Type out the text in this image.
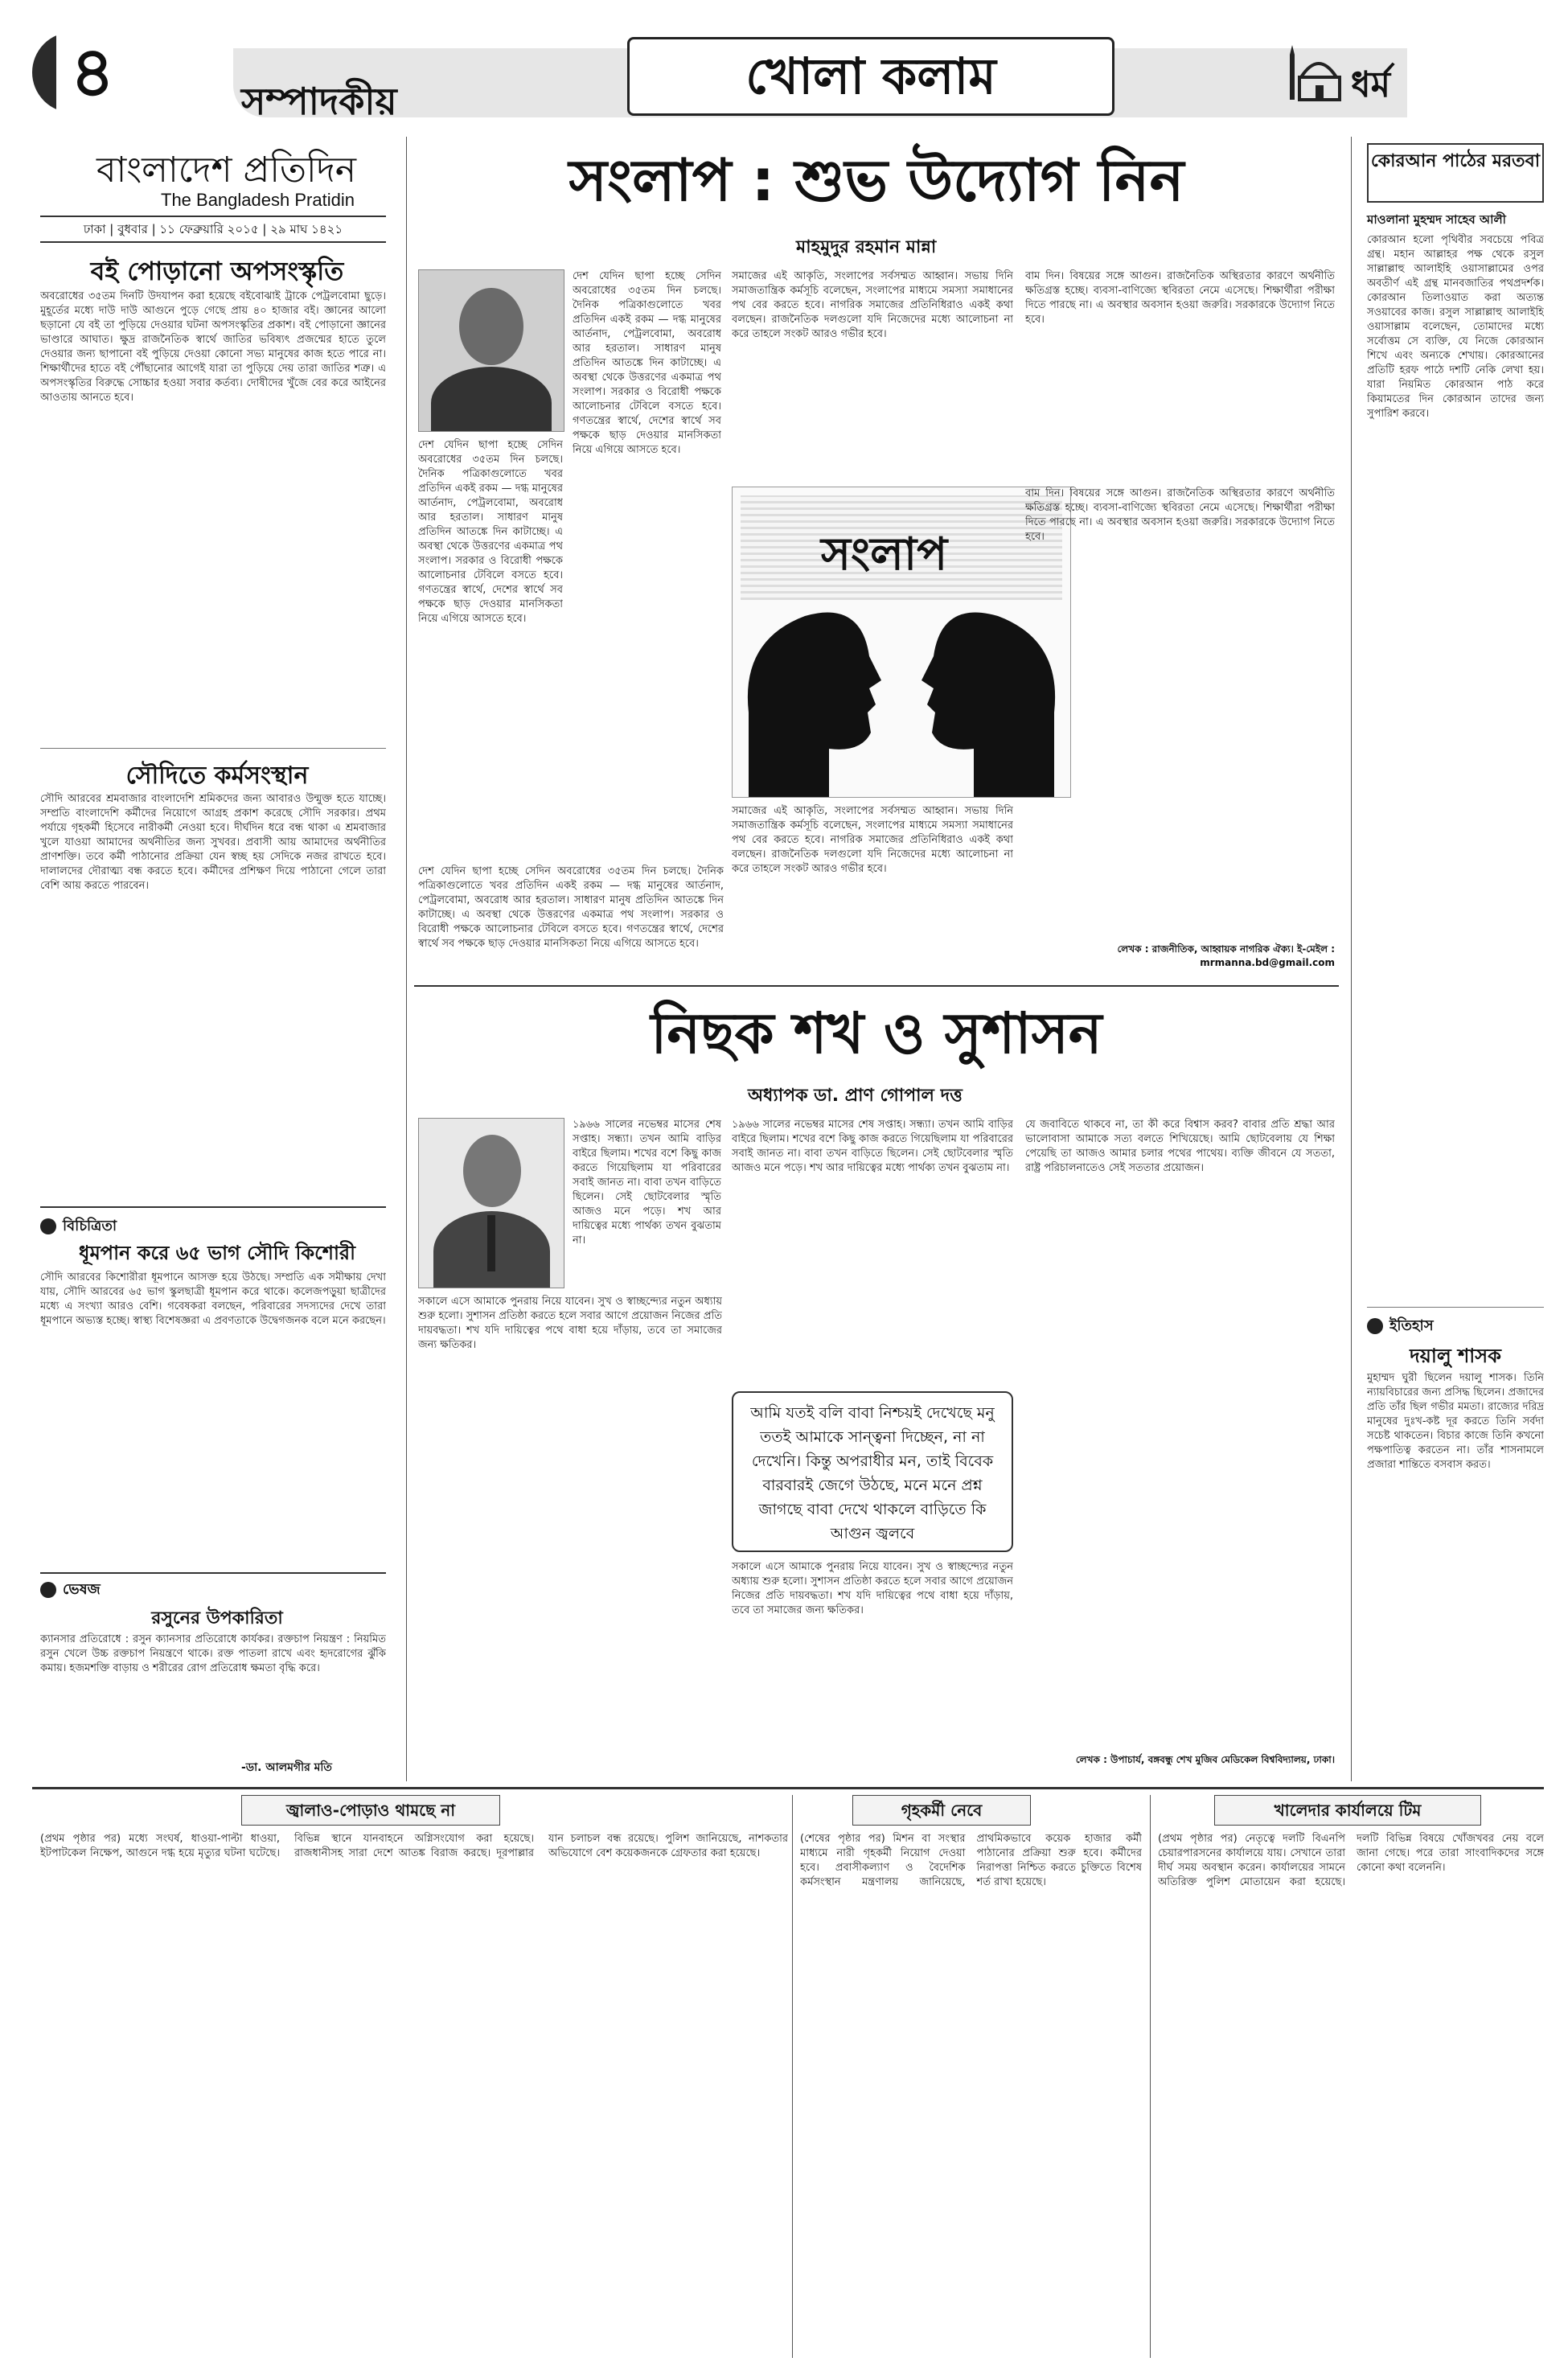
৪	সম্পাদকীয়	খোলা কলাম	ধর্ম
বাংলাদেশ প্রতিদিন
The Bangladesh Pratidin
ঢাকা | বুধবার | ১১ ফেব্রুয়ারি ২০১৫ | ২৯ মাঘ ১৪২১
বই পোড়ানো অপসংস্কৃতি
অবরোধের ৩৫তম দিনটি উদযাপন করা হয়েছে বইবোঝাই ট্রাকে পেট্রলবোমা ছুড়ে। মুহূর্তের মধ্যে দাউ দাউ আগুনে পুড়ে গেছে প্রায় ৪০ হাজার বই। জ্ঞানের আলো ছড়ানো যে বই তা পুড়িয়ে দেওয়ার ঘটনা অপসংস্কৃতির প্রকাশ। বই পোড়ানো জ্ঞানের ভাণ্ডারে আঘাত। ক্ষুদ্র রাজনৈতিক স্বার্থে জাতির ভবিষ্যৎ প্রজন্মের হাতে তুলে দেওয়ার জন্য ছাপানো বই পুড়িয়ে দেওয়া কোনো সভ্য মানুষের কাজ হতে পারে না। শিক্ষার্থীদের হাতে বই পৌঁছানোর আগেই যারা তা পুড়িয়ে দেয় তারা জাতির শত্রু। এ অপসংস্কৃতির বিরুদ্ধে সোচ্চার হওয়া সবার কর্তব্য। দোষীদের খুঁজে বের করে আইনের আওতায় আনতে হবে।
সৌদিতে কর্মসংস্থান
সৌদি আরবের শ্রমবাজার বাংলাদেশি শ্রমিকদের জন্য আবারও উন্মুক্ত হতে যাচ্ছে। সম্প্রতি বাংলাদেশি কর্মীদের নিয়োগে আগ্রহ প্রকাশ করেছে সৌদি সরকার। প্রথম পর্যায়ে গৃহকর্মী হিসেবে নারীকর্মী নেওয়া হবে। দীর্ঘদিন ধরে বন্ধ থাকা এ শ্রমবাজার খুলে যাওয়া আমাদের অর্থনীতির জন্য সুখবর। প্রবাসী আয় আমাদের অর্থনীতির প্রাণশক্তি। তবে কর্মী পাঠানোর প্রক্রিয়া যেন স্বচ্ছ হয় সেদিকে নজর রাখতে হবে। দালালদের দৌরাত্ম্য বন্ধ করতে হবে। কর্মীদের প্রশিক্ষণ দিয়ে পাঠানো গেলে তারা বেশি আয় করতে পারবেন।
বিচিত্রিতা
ধূমপান করে ৬৫ ভাগ সৌদি কিশোরী
সৌদি আরবের কিশোরীরা ধূমপানে আসক্ত হয়ে উঠছে। সম্প্রতি এক সমীক্ষায় দেখা যায়, সৌদি আরবের ৬৫ ভাগ স্কুলছাত্রী ধূমপান করে থাকে। কলেজপড়ুয়া ছাত্রীদের মধ্যে এ সংখ্যা আরও বেশি। গবেষকরা বলছেন, পরিবারের সদস্যদের দেখে তারা ধূমপানে অভ্যস্ত হচ্ছে। স্বাস্থ্য বিশেষজ্ঞরা এ প্রবণতাকে উদ্বেগজনক বলে মনে করছেন।
ভেষজ
রসুনের উপকারিতা
ক্যানসার প্রতিরোধে : রসুন ক্যানসার প্রতিরোধে কার্যকর। রক্তচাপ নিয়ন্ত্রণ : নিয়মিত রসুন খেলে উচ্চ রক্তচাপ নিয়ন্ত্রণে থাকে। রক্ত পাতলা রাখে এবং হৃদরোগের ঝুঁকি কমায়। হজমশক্তি বাড়ায় ও শরীরের রোগ প্রতিরোধ ক্ষমতা বৃদ্ধি করে।
-ডা. আলমগীর মতি
সংলাপ : শুভ উদ্যোগ নিন
মাহমুদুর রহমান মান্না
দেশ যেদিন ছাপা হচ্ছে সেদিন অবরোধের ৩৫তম দিন চলছে। দৈনিক পত্রিকাগুলোতে খবর প্রতিদিন একই রকম — দগ্ধ মানুষের আর্তনাদ, পেট্রলবোমা, অবরোধ আর হরতাল। সাধারণ মানুষ প্রতিদিন আতঙ্কে দিন কাটাচ্ছে। এ অবস্থা থেকে উত্তরণের একমাত্র পথ সংলাপ। সরকার ও বিরোধী পক্ষকে আলোচনার টেবিলে বসতে হবে। গণতন্ত্রের স্বার্থে, দেশের স্বার্থে সব পক্ষকে ছাড় দেওয়ার মানসিকতা নিয়ে এগিয়ে আসতে হবে।
দেশ যেদিন ছাপা হচ্ছে সেদিন অবরোধের ৩৫তম দিন চলছে। দৈনিক পত্রিকাগুলোতে খবর প্রতিদিন একই রকম — দগ্ধ মানুষের আর্তনাদ, পেট্রলবোমা, অবরোধ আর হরতাল। সাধারণ মানুষ প্রতিদিন আতঙ্কে দিন কাটাচ্ছে। এ অবস্থা থেকে উত্তরণের একমাত্র পথ সংলাপ। সরকার ও বিরোধী পক্ষকে আলোচনার টেবিলে বসতে হবে। গণতন্ত্রের স্বার্থে, দেশের স্বার্থে সব পক্ষকে ছাড় দেওয়ার মানসিকতা নিয়ে এগিয়ে আসতে হবে।
সমাজের এই আকৃতি, সংলাপের সর্বসম্মত আহ্বান। সভায় দিনি সমাজতান্ত্রিক কর্মসূচি বলেছেন, সংলাপের মাধ্যমে সমস্যা সমাধানের পথ বের করতে হবে। নাগরিক সমাজের প্রতিনিধিরাও একই কথা বলছেন। রাজনৈতিক দলগুলো যদি নিজেদের মধ্যে আলোচনা না করে তাহলে সংকট আরও গভীর হবে।
বাম দিন। বিষয়ের সঙ্গে আগুন। রাজনৈতিক অস্থিরতার কারণে অর্থনীতি ক্ষতিগ্রস্ত হচ্ছে। ব্যবসা-বাণিজ্যে স্থবিরতা নেমে এসেছে। শিক্ষার্থীরা পরীক্ষা দিতে পারছে না। এ অবস্থার অবসান হওয়া জরুরি। সরকারকে উদ্যোগ নিতে হবে।
সংলাপ
সমাজের এই আকৃতি, সংলাপের সর্বসম্মত আহ্বান। সভায় দিনি সমাজতান্ত্রিক কর্মসূচি বলেছেন, সংলাপের মাধ্যমে সমস্যা সমাধানের পথ বের করতে হবে। নাগরিক সমাজের প্রতিনিধিরাও একই কথা বলছেন। রাজনৈতিক দলগুলো যদি নিজেদের মধ্যে আলোচনা না করে তাহলে সংকট আরও গভীর হবে।
বাম দিন। বিষয়ের সঙ্গে আগুন। রাজনৈতিক অস্থিরতার কারণে অর্থনীতি ক্ষতিগ্রস্ত হচ্ছে। ব্যবসা-বাণিজ্যে স্থবিরতা নেমে এসেছে। শিক্ষার্থীরা পরীক্ষা দিতে পারছে না। এ অবস্থার অবসান হওয়া জরুরি। সরকারকে উদ্যোগ নিতে হবে।
দেশ যেদিন ছাপা হচ্ছে সেদিন অবরোধের ৩৫তম দিন চলছে। দৈনিক পত্রিকাগুলোতে খবর প্রতিদিন একই রকম — দগ্ধ মানুষের আর্তনাদ, পেট্রলবোমা, অবরোধ আর হরতাল। সাধারণ মানুষ প্রতিদিন আতঙ্কে দিন কাটাচ্ছে। এ অবস্থা থেকে উত্তরণের একমাত্র পথ সংলাপ। সরকার ও বিরোধী পক্ষকে আলোচনার টেবিলে বসতে হবে। গণতন্ত্রের স্বার্থে, দেশের স্বার্থে সব পক্ষকে ছাড় দেওয়ার মানসিকতা নিয়ে এগিয়ে আসতে হবে।	লেখক : রাজনীতিক, আহ্বায়ক নাগরিক ঐক্য। ই-মেইল : mrmanna.bd@gmail.com
নিছক শখ ও সুশাসন
অধ্যাপক ডা. প্রাণ গোপাল দত্ত
১৯৬৬ সালের নভেম্বর মাসের শেষ সপ্তাহ। সন্ধ্যা। তখন আমি বাড়ির বাইরে ছিলাম। শখের বশে কিছু কাজ করতে গিয়েছিলাম যা পরিবারের সবাই জানত না। বাবা তখন বাড়িতে ছিলেন। সেই ছোটবেলার স্মৃতি আজও মনে পড়ে। শখ আর দায়িত্বের মধ্যে পার্থক্য তখন বুঝতাম না।
সকালে এসে আমাকে পুনরায় নিয়ে যাবেন। সুখ ও স্বাচ্ছন্দ্যের নতুন অধ্যায় শুরু হলো। সুশাসন প্রতিষ্ঠা করতে হলে সবার আগে প্রয়োজন নিজের প্রতি দায়বদ্ধতা। শখ যদি দায়িত্বের পথে বাধা হয়ে দাঁড়ায়, তবে তা সমাজের জন্য ক্ষতিকর।
১৯৬৬ সালের নভেম্বর মাসের শেষ সপ্তাহ। সন্ধ্যা। তখন আমি বাড়ির বাইরে ছিলাম। শখের বশে কিছু কাজ করতে গিয়েছিলাম যা পরিবারের সবাই জানত না। বাবা তখন বাড়িতে ছিলেন। সেই ছোটবেলার স্মৃতি আজও মনে পড়ে। শখ আর দায়িত্বের মধ্যে পার্থক্য তখন বুঝতাম না।
আমি যতই বলি বাবা নিশ্চয়ই দেখেছে মনু ততই আমাকে সান্ত্বনা দিচ্ছেন, না না দেখেনি। কিন্তু অপরাধীর মন, তাই বিবেক বারবারই জেগে উঠছে, মনে মনে প্রশ্ন জাগছে বাবা দেখে থাকলে বাড়িতে কি আগুন জ্বলবে
সকালে এসে আমাকে পুনরায় নিয়ে যাবেন। সুখ ও স্বাচ্ছন্দ্যের নতুন অধ্যায় শুরু হলো। সুশাসন প্রতিষ্ঠা করতে হলে সবার আগে প্রয়োজন নিজের প্রতি দায়বদ্ধতা। শখ যদি দায়িত্বের পথে বাধা হয়ে দাঁড়ায়, তবে তা সমাজের জন্য ক্ষতিকর।
যে জবাবিতে থাকবে না, তা কী করে বিশ্বাস করব? বাবার প্রতি শ্রদ্ধা আর ভালোবাসা আমাকে সত্য বলতে শিখিয়েছে। আমি ছোটবেলায় যে শিক্ষা পেয়েছি তা আজও আমার চলার পথের পাথেয়। ব্যক্তি জীবনে যে সততা, রাষ্ট্র পরিচালনাতেও সেই সততার প্রয়োজন।
লেখক : উপাচার্য, বঙ্গবন্ধু শেখ মুজিব মেডিকেল বিশ্ববিদ্যালয়, ঢাকা।
কোরআন পাঠের মরতবা
মাওলানা মুহম্মদ সাহেব আলী
কোরআন হলো পৃথিবীর সবচেয়ে পবিত্র গ্রন্থ। মহান আল্লাহর পক্ষ থেকে রসুল সাল্লাল্লাহু আলাইহি ওয়াসাল্লামের ওপর অবতীর্ণ এই গ্রন্থ মানবজাতির পথপ্রদর্শক। কোরআন তিলাওয়াত করা অত্যন্ত সওয়াবের কাজ। রসুল সাল্লাল্লাহু আলাইহি ওয়াসাল্লাম বলেছেন, তোমাদের মধ্যে সর্বোত্তম সে ব্যক্তি, যে নিজে কোরআন শিখে এবং অন্যকে শেখায়। কোরআনের প্রতিটি হরফ পাঠে দশটি নেকি লেখা হয়। যারা নিয়মিত কোরআন পাঠ করে কিয়ামতের দিন কোরআন তাদের জন্য সুপারিশ করবে।
ইতিহাস
দয়ালু শাসক
মুহাম্মদ ঘুরী ছিলেন দয়ালু শাসক। তিনি ন্যায়বিচারের জন্য প্রসিদ্ধ ছিলেন। প্রজাদের প্রতি তাঁর ছিল গভীর মমতা। রাজ্যের দরিদ্র মানুষের দুঃখ-কষ্ট দূর করতে তিনি সর্বদা সচেষ্ট থাকতেন। বিচার কাজে তিনি কখনো পক্ষপাতিত্ব করতেন না। তাঁর শাসনামলে প্রজারা শান্তিতে বসবাস করত।
জ্বালাও-পোড়াও থামছে না
(প্রথম পৃষ্ঠার পর) মধ্যে সংঘর্ষ, ধাওয়া-পাল্টা ধাওয়া, ইটপাটকেল নিক্ষেপ, আগুনে দগ্ধ হয়ে মৃত্যুর ঘটনা ঘটেছে। বিভিন্ন স্থানে যানবাহনে অগ্নিসংযোগ করা হয়েছে। রাজধানীসহ সারা দেশে আতঙ্ক বিরাজ করছে। দূরপাল্লার যান চলাচল বন্ধ রয়েছে। পুলিশ জানিয়েছে, নাশকতার অভিযোগে বেশ কয়েকজনকে গ্রেফতার করা হয়েছে।
গৃহকর্মী নেবে
(শেষের পৃষ্ঠার পর) মিশন বা সংস্থার মাধ্যমে নারী গৃহকর্মী নিয়োগ দেওয়া হবে। প্রবাসীকল্যাণ ও বৈদেশিক কর্মসংস্থান মন্ত্রণালয় জানিয়েছে, প্রাথমিকভাবে কয়েক হাজার কর্মী পাঠানোর প্রক্রিয়া শুরু হবে। কর্মীদের নিরাপত্তা নিশ্চিত করতে চুক্তিতে বিশেষ শর্ত রাখা হয়েছে।
খালেদার কার্যালয়ে টিম
(প্রথম পৃষ্ঠার পর) নেতৃত্বে দলটি বিএনপি চেয়ারপারসনের কার্যালয়ে যায়। সেখানে তারা দীর্ঘ সময় অবস্থান করেন। কার্যালয়ের সামনে অতিরিক্ত পুলিশ মোতায়েন করা হয়েছে। দলটি বিভিন্ন বিষয়ে খোঁজখবর নেয় বলে জানা গেছে। পরে তারা সাংবাদিকদের সঙ্গে কোনো কথা বলেননি।
